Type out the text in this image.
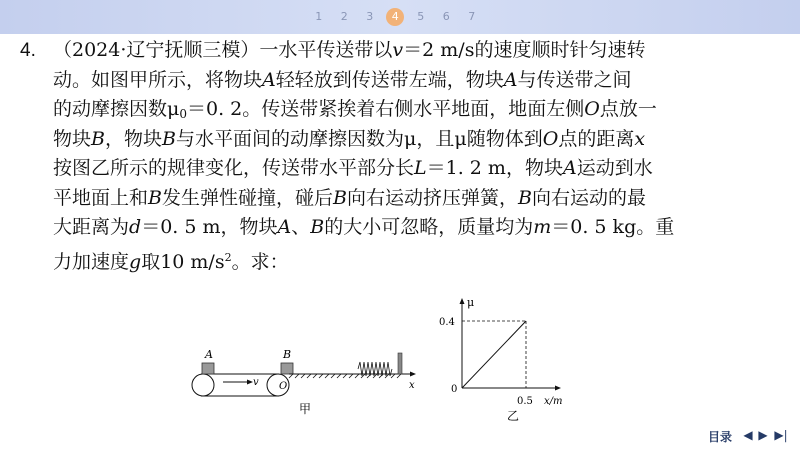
1	2	3	4	5	6	7
4. （2024·辽宁抚顺三模）一水平传送带以v＝2 m/s的速度顺时针匀速转
动。如图甲所示，将物块A轻轻放到传送带左端，物块A与传送带之间
的动摩擦因数$\mu_0=0$. 2。传送带紧挨着右侧水平地面，地面左侧O点放一
物块B，物块B与水平面间的动摩擦因数为μ，且μ随物体到O点的距离x
按图乙所示的规律变化，传送带水平部分长L＝1. 2 m，物块A运动到水
平地面上和B发生弹性碰撞，碰后B向右运动挤压弹簧，B向右运动的最
大距离为d＝0. 5 m，物块A、B的大小可忽略，质量均为m＝0. 5 kg。重
力加速度g取10 $m/s^2$。求：
A	B
v O	x
甲
μ
0.4
0
0.5 x/m
乙
目录 ◀ ▶ ▶|
